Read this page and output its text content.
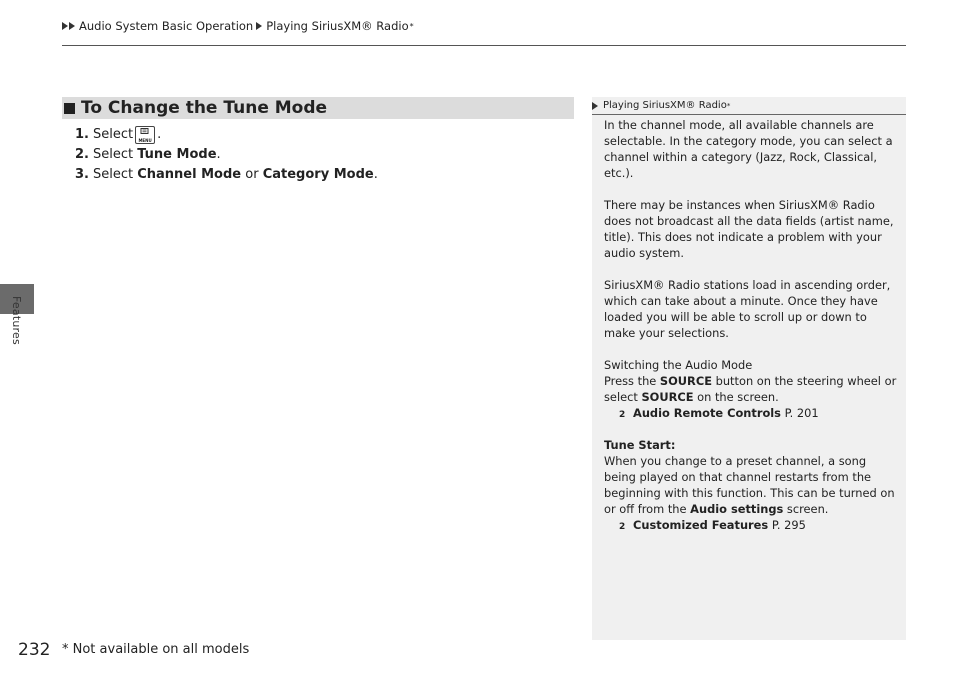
Audio System Basic Operation Playing SiriusXM® Radio *
Features
To Change the Tune Mode
1. Select	MENU .
2. Select
Tune Mode .
3. Select
Channel Mode
or
Category Mode .
Playing SiriusXM® Radio *

In the channel mode, all available channels are selectable. In the category mode, you can select a channel within a category (Jazz, Rock, Classical, etc.).

There may be instances when SiriusXM® Radio does not broadcast all the data fields (artist name, title). This does not indicate a problem with your audio system.

SiriusXM® Radio stations load in ascending order, which can take about a minute. Once they have loaded you will be able to scroll up or down to make your selections.

Switching the Audio Mode
Press the SOURCE button on the steering wheel or select SOURCE on the screen.
2 Audio Remote Controls P. 201

Tune Start:
When you change to a preset channel, a song being played on that channel restarts from the beginning with this function. This can be turned on or off from the Audio settings screen.
2 Customized Features P. 295

232 * Not available on all models
